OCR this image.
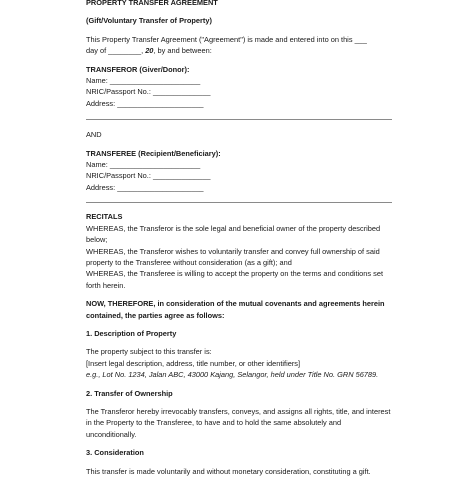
PROPERTY TRANSFER AGREEMENT

(Gift/Voluntary Transfer of Property)

This Property Transfer Agreement ("Agreement") is made and entered into on this ___

day of ________, 20, by and between:

TRANSFEROR (Giver/Donor):

Name: ______________________

NRIC/Passport No.: ______________

Address: _____________________

AND

TRANSFEREE (Recipient/Beneficiary):

Name: ______________________

NRIC/Passport No.: ______________

Address: _____________________

RECITALS

WHEREAS, the Transferor is the sole legal and beneficial owner of the property described below;

WHEREAS, the Transferor wishes to voluntarily transfer and convey full ownership of said property to the Transferee without consideration (as a gift); and

WHEREAS, the Transferee is willing to accept the property on the terms and conditions set forth herein.

NOW, THEREFORE, in consideration of the mutual covenants and agreements herein contained, the parties agree as follows:

1. Description of Property

The property subject to this transfer is:

[Insert legal description, address, title number, or other identifiers]

e.g., Lot No. 1234, Jalan ABC, 43000 Kajang, Selangor, held under Title No. GRN 56789.

2. Transfer of Ownership

The Transferor hereby irrevocably transfers, conveys, and assigns all rights, title, and interest in the Property to the Transferee, to have and to hold the same absolutely and unconditionally.

3. Consideration

This transfer is made voluntarily and without monetary consideration, constituting a gift.
